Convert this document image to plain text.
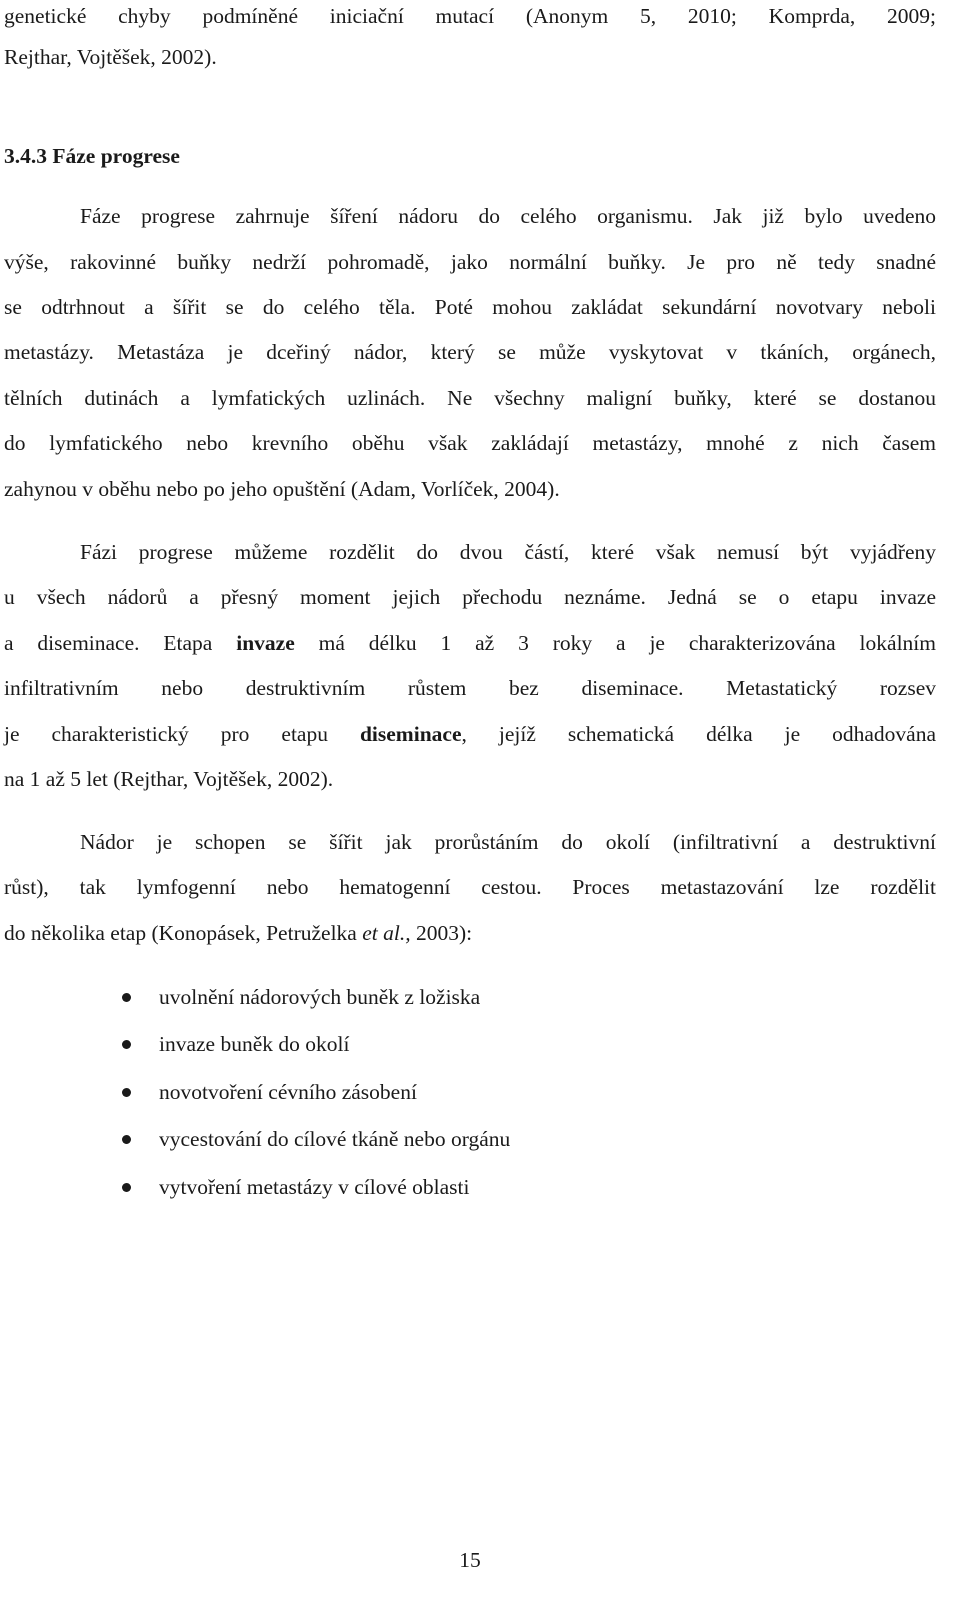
genetické chyby podmíněné iniciační mutací (Anonym 5, 2010; Komprda, 2009;
Rejthar, Vojtěšek, 2002).
3.4.3 Fáze progrese
Fáze progrese zahrnuje šíření nádoru do celého organismu. Jak již bylo uvedeno
výše, rakovinné buňky nedrží pohromadě, jako normální buňky. Je pro ně tedy snadné
se odtrhnout a šířit se do celého těla. Poté mohou zakládat sekundární novotvary neboli
metastázy. Metastáza je dceřiný nádor, který se může vyskytovat v tkáních, orgánech,
tělních dutinách a lymfatických uzlinách. Ne všechny maligní buňky, které se dostanou
do lymfatického nebo krevního oběhu však zakládají metastázy, mnohé z nich časem
zahynou v oběhu nebo po jeho opuštění (Adam, Vorlíček, 2004).
Fázi progrese můžeme rozdělit do dvou částí, které však nemusí být vyjádřeny
u všech nádorů a přesný moment jejich přechodu neznáme. Jedná se o etapu invaze
a diseminace. Etapa invaze má délku 1 až 3 roky a je charakterizována lokálním
infiltrativním nebo destruktivním růstem bez diseminace. Metastatický rozsev
je charakteristický pro etapu diseminace, jejíž schematická délka je odhadována
na 1 až 5 let (Rejthar, Vojtěšek, 2002).
Nádor je schopen se šířit jak prorůstáním do okolí (infiltrativní a destruktivní
růst), tak lymfogenní nebo hematogenní cestou. Proces metastazování lze rozdělit
do několika etap (Konopásek, Petruželka et al., 2003):
uvolnění nádorových buněk z ložiska
invaze buněk do okolí
novotvoření cévního zásobení
vycestování do cílové tkáně nebo orgánu
vytvoření metastázy v cílové oblasti
15
